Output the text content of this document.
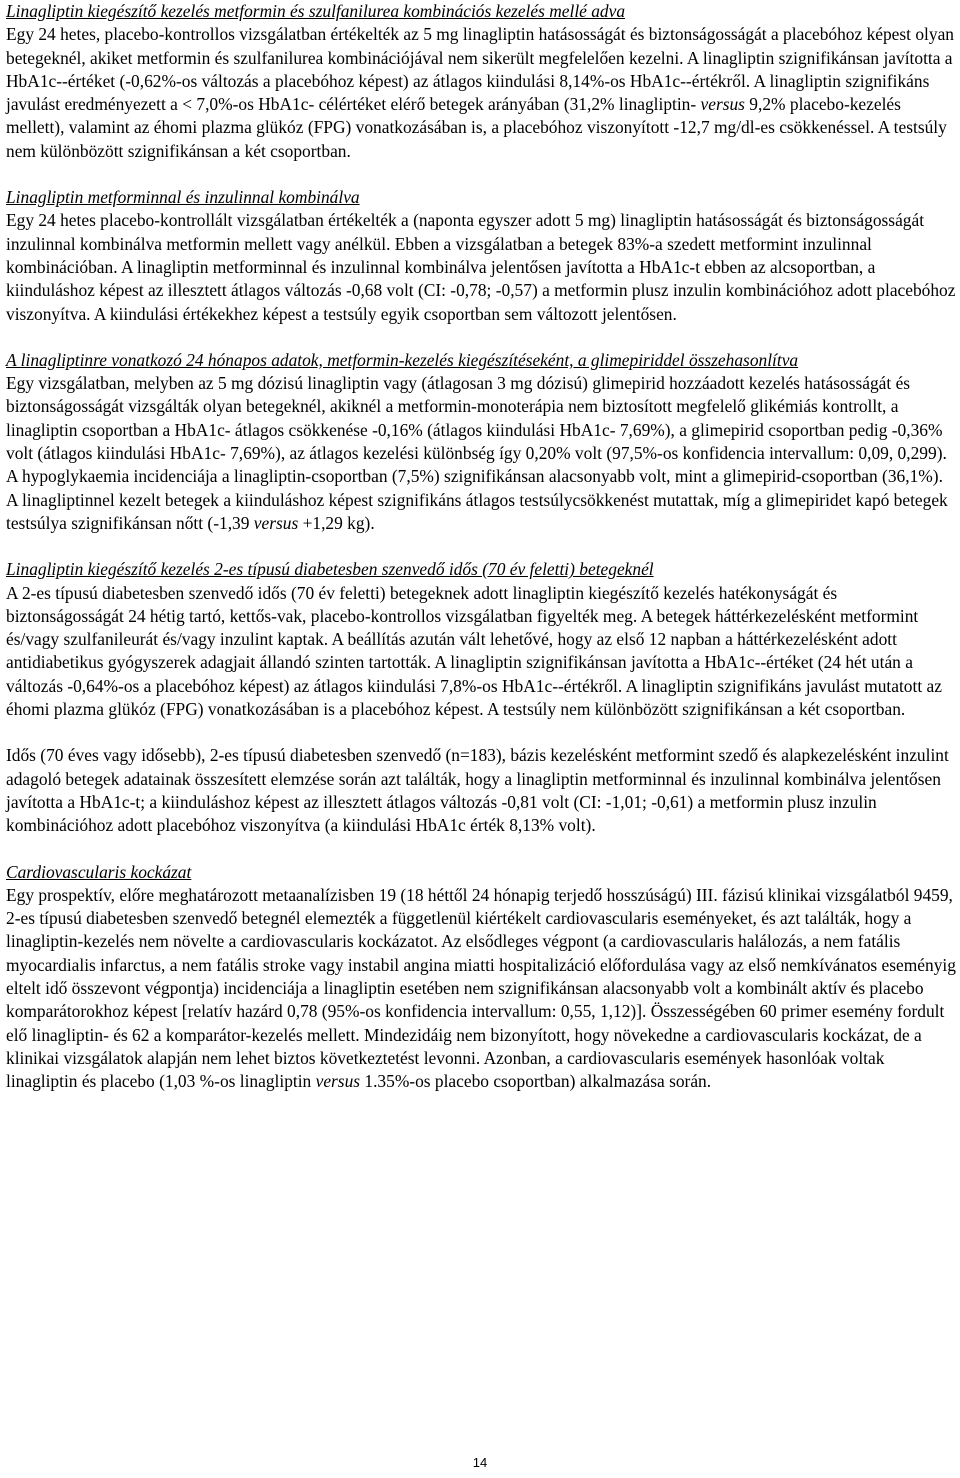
Linagliptin kiegészítő kezelés metformin és szulfanilurea kombinációs kezelés mellé adva

Egy 24 hetes, placebo-kontrollos vizsgálatban értékelték az 5 mg linagliptin hatásosságát és biztonságosságát a placebóhoz képest olyan betegeknél, akiket metformin és szulfanilurea kombinációjával nem sikerült megfelelően kezelni. A linagliptin szignifikánsan javította a HbA1c--értéket (-0,62%-os változás a placebóhoz képest) az átlagos kiindulási 8,14%-os HbA1c--értékről. A linagliptin szignifikáns javulást eredményezett a < 7,0%-os HbA1c- célértéket elérő betegek arányában (31,2% linagliptin- versus 9,2% placebo-kezelés mellett), valamint az éhomi plazma glükóz (FPG) vonatkozásában is, a placebóhoz viszonyított -12,7 mg/dl-es csökkenéssel. A testsúly nem különbözött szignifikánsan a két csoportban.

Linagliptin metforminnal és inzulinnal kombinálva

Egy 24 hetes placebo-kontrollált vizsgálatban értékelték a (naponta egyszer adott 5 mg) linagliptin hatásosságát és biztonságosságát inzulinnal kombinálva metformin mellett vagy anélkül. Ebben a vizsgálatban a betegek 83%-a szedett metformint inzulinnal kombinációban. A linagliptin metforminnal és inzulinnal kombinálva jelentősen javította a HbA1c-t ebben az alcsoportban, a kiinduláshoz képest az illesztett átlagos változás -0,68 volt (CI: -0,78; -0,57) a metformin plusz inzulin kombinációhoz adott placebóhoz viszonyítva. A kiindulási értékekhez képest a testsúly egyik csoportban sem változott jelentősen.

A linagliptinre vonatkozó 24 hónapos adatok, metformin-kezelés kiegészítéseként, a glimepiriddel összehasonlítva

Egy vizsgálatban, melyben az 5 mg dózisú linagliptin vagy (átlagosan 3 mg dózisú) glimepirid hozzáadott kezelés hatásosságát és biztonságosságát vizsgálták olyan betegeknél, akiknél a metformin-monoterápia nem biztosított megfelelő glikémiás kontrollt, a linagliptin csoportban a HbA1c- átlagos csökkenése -0,16% (átlagos kiindulási HbA1c- 7,69%), a glimepirid csoportban pedig -0,36% volt (átlagos kiindulási HbA1c- 7,69%), az átlagos kezelési különbség így 0,20% volt (97,5%-os konfidencia intervallum: 0,09, 0,299). A hypoglykaemia incidenciája a linagliptin-csoportban (7,5%) szignifikánsan alacsonyabb volt, mint a glimepirid-csoportban (36,1%). A linagliptinnel kezelt betegek a kiinduláshoz képest szignifikáns átlagos testsúlycsökkenést mutattak, míg a glimepiridet kapó betegek testsúlya szignifikánsan nőtt (-1,39 versus +1,29 kg).

Linagliptin kiegészítő kezelés 2-es típusú diabetesben szenvedő idős (70 év feletti) betegeknél

A 2-es típusú diabetesben szenvedő idős (70 év feletti) betegeknek adott linagliptin kiegészítő kezelés hatékonyságát és biztonságosságát 24 hétig tartó, kettős-vak, placebo-kontrollos vizsgálatban figyelték meg. A betegek háttérkezelésként metformint és/vagy szulfanileurát és/vagy inzulint kaptak. A beállítás azután vált lehetővé, hogy az első 12 napban a háttérkezelésként adott antidiabetikus gyógyszerek adagjait állandó szinten tartották. A linagliptin szignifikánsan javította a HbA1c--értéket (24 hét után a változás -0,64%-os a placebóhoz képest) az átlagos kiindulási 7,8%-os HbA1c--értékről. A linagliptin szignifikáns javulást mutatott az éhomi plazma glükóz (FPG) vonatkozásában is a placebóhoz képest. A testsúly nem különbözött szignifikánsan a két csoportban.

Idős (70 éves vagy idősebb), 2-es típusú diabetesben szenvedő (n=183), bázis kezelésként metformint szedő és alapkezelésként inzulint adagoló betegek adatainak összesített elemzése során azt találták, hogy a linagliptin metforminnal és inzulinnal kombinálva jelentősen javította a HbA1c-t; a kiinduláshoz képest az illesztett átlagos változás -0,81 volt (CI: -1,01; -0,61) a metformin plusz inzulin kombinációhoz adott placebóhoz viszonyítva (a kiindulási HbA1c érték 8,13% volt).

Cardiovascularis kockázat

Egy prospektív, előre meghatározott metaanalízisben 19 (18 héttől 24 hónapig terjedő hosszúságú) III. fázisú klinikai vizsgálatból 9459, 2-es típusú diabetesben szenvedő betegnél elemezték a függetlenül kiértékelt cardiovascularis eseményeket, és azt találták, hogy a linagliptin-kezelés nem növelte a cardiovascularis kockázatot. Az elsődleges végpont (a cardiovascularis halálozás, a nem fatális myocardialis infarctus, a nem fatális stroke vagy instabil angina miatti hospitalizáció előfordulása vagy az első nemkívánatos eseményig eltelt idő összevont végpontja) incidenciája a linagliptin esetében nem szignifikánsan alacsonyabb volt a kombinált aktív és placebo komparátorokhoz képest [relatív hazárd 0,78 (95%-os konfidencia intervallum: 0,55, 1,12)]. Összességében 60 primer esemény fordult elő linagliptin- és 62 a komparátor-kezelés mellett. Mindezidáig nem bizonyított, hogy növekedne a cardiovascularis kockázat, de a klinikai vizsgálatok alapján nem lehet biztos következtetést levonni. Azonban, a cardiovascularis események hasonlóak voltak linagliptin és placebo (1,03 %-os linagliptin versus 1.35%-os placebo csoportban) alkalmazása során.

14
